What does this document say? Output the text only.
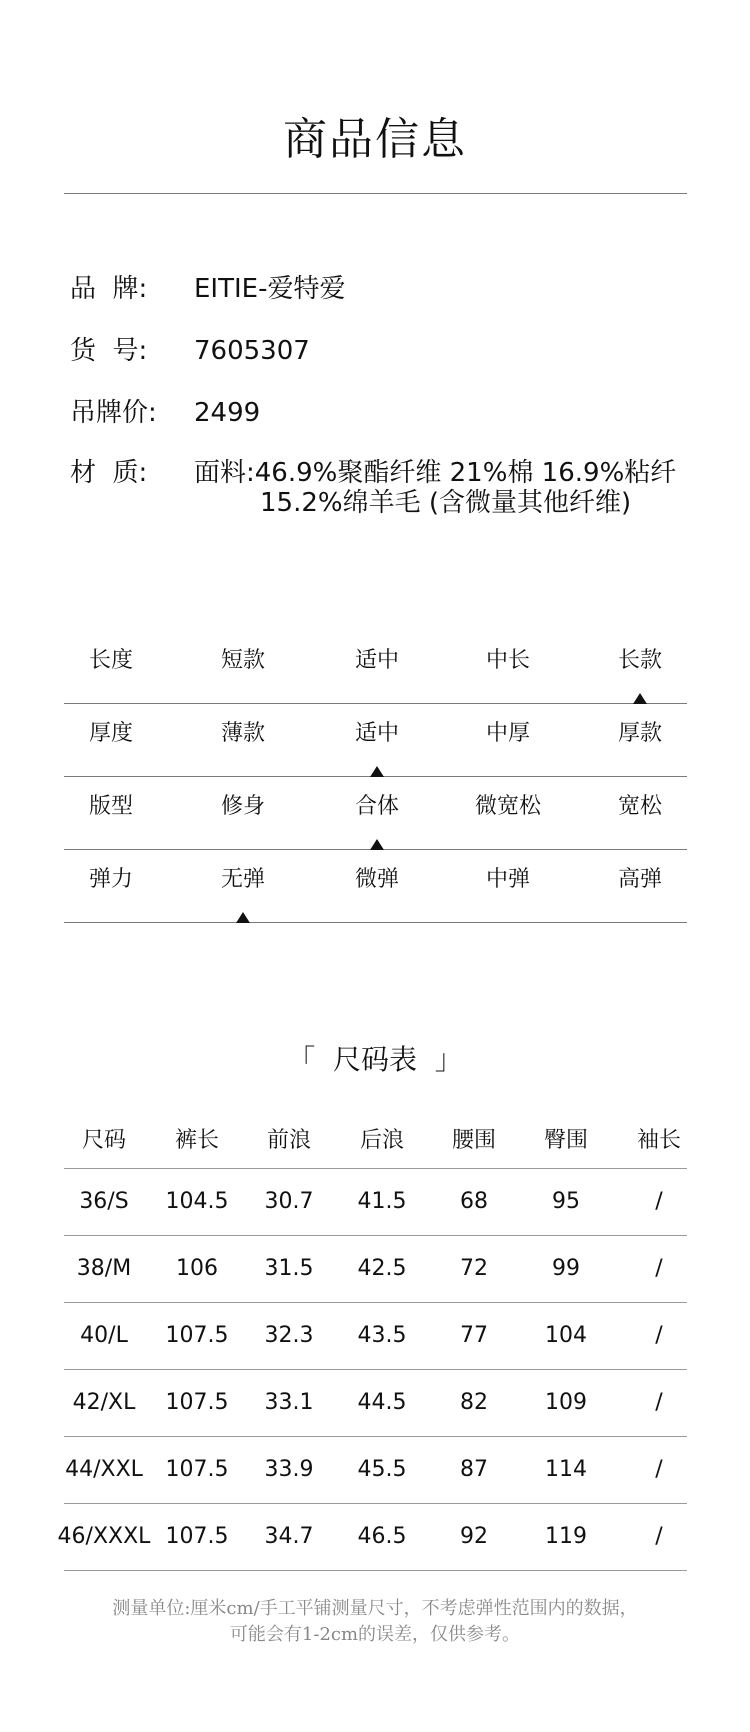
商品信息
品  牌:	EITIE-爱特爱
货  号:	7605307
吊牌价:	2499
材  质:	面料:46.9%聚酯纤维 21%棉 16.9%粘纤
15.2%绵羊毛 (含微量其他纤维)
长度	短款	适中	中长	长款
厚度	薄款	适中	中厚	厚款
版型	修身	合体	微宽松	宽松
弹力	无弹	微弹	中弹	高弹
「  尺码表  」
尺码	裤长	前浪	后浪	腰围	臀围	袖长
36/S	104.5	30.7	41.5	68	95	/
38/M	106	31.5	42.5	72	99	/
40/L	107.5	32.3	43.5	77	104	/
42/XL	107.5	33.1	44.5	82	109	/
44/XXL	107.5	33.9	45.5	87	114	/
46/XXXL 107.5	34.7	46.5	92	119	/
测量单位:厘米cm/手工平铺测量尺寸，不考虑弹性范围内的数据，
可能会有1-2cm的误差，仅供参考。
